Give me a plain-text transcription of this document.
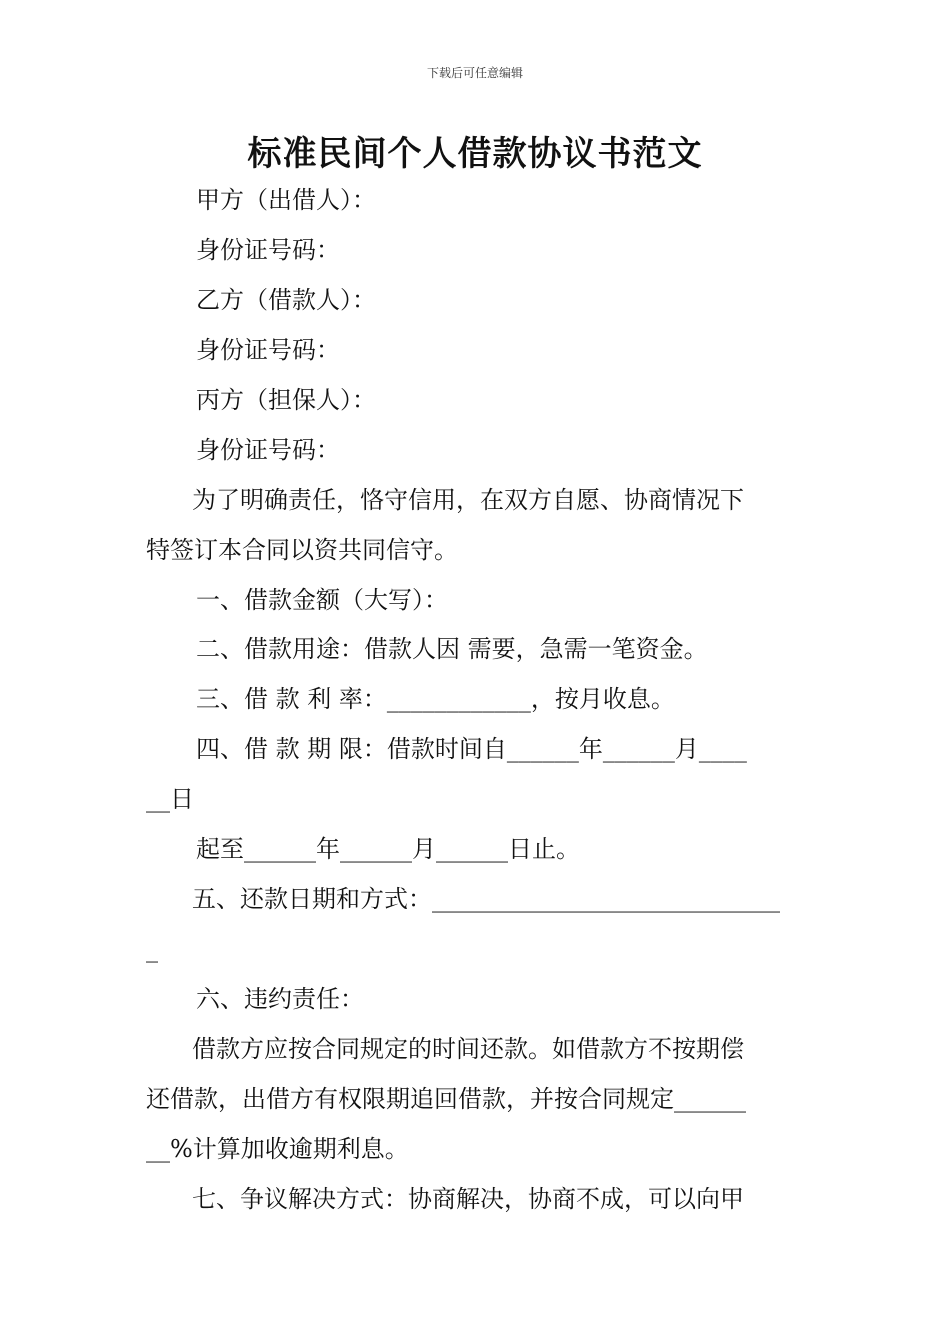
下载后可任意编辑
标准民间个人借款协议书范文
甲方（出借人）：
身份证号码：
乙方（借款人）：
身份证号码：
丙方（担保人）：
身份证号码：
为了明确责任，恪守信用，在双方自愿、协商情况下
特签订本合同以资共同信守。
一、借款金额（大写）：
二、借款用途：借款人因 需要，急需一笔资金。
三、借 款 利 率：____________，按月收息。
四、借 款 期 限：借款时间自______年______月____
__日
起至______年______月______日止。
五、还款日期和方式：_____________________________
_
六、违约责任：
借款方应按合同规定的时间还款。如借款方不按期偿
还借款，出借方有权限期追回借款，并按合同规定______
__%计算加收逾期利息。
七、争议解决方式：协商解决，协商不成，可以向甲
